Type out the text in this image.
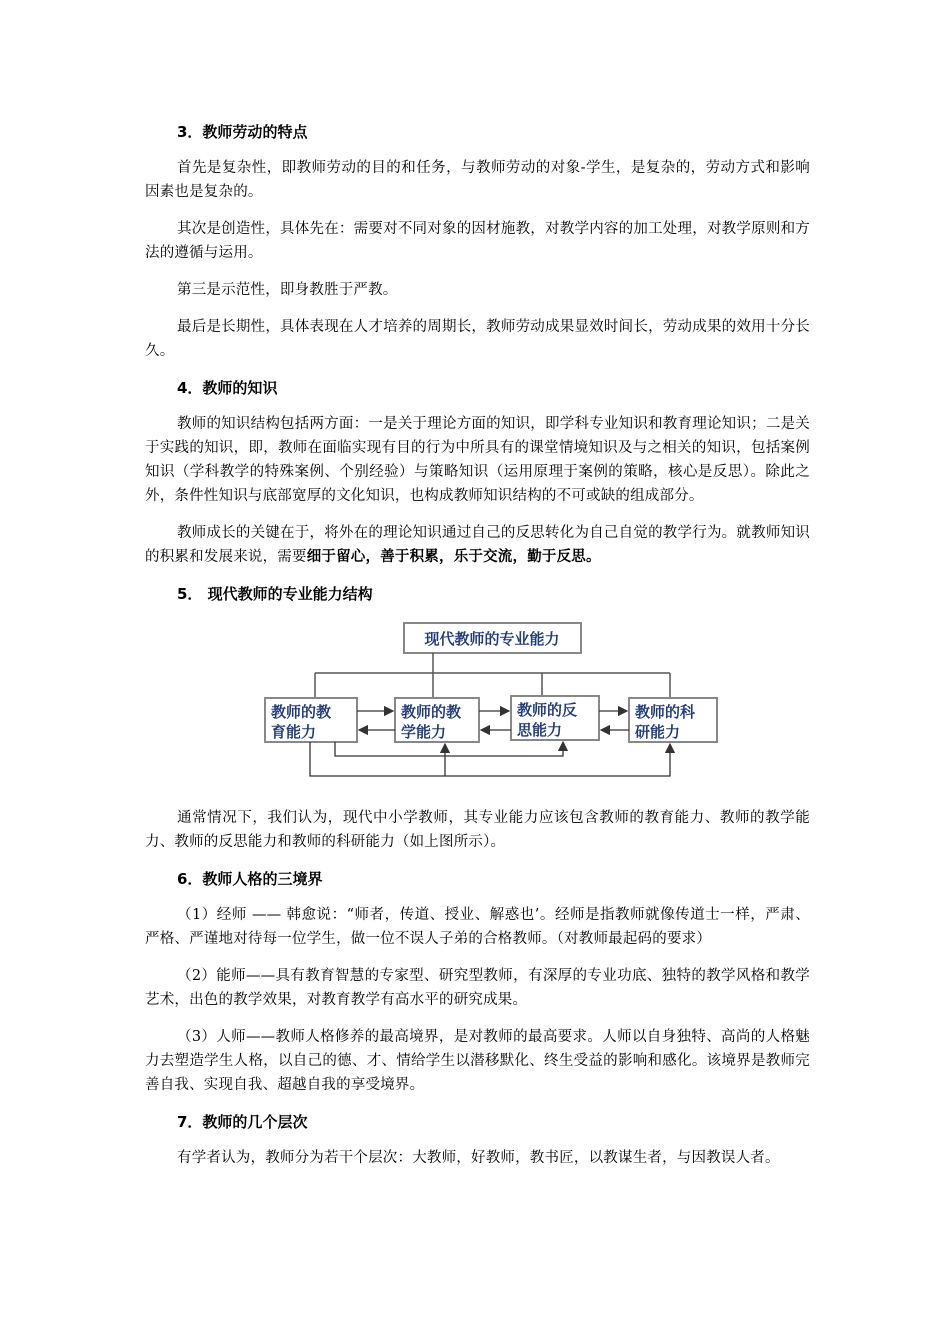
3．教师劳动的特点

首先是复杂性，即教师劳动的目的和任务，与教师劳动的对象-学生，是复杂的，劳动方式和影响因素也是复杂的。

其次是创造性，具体先在：需要对不同对象的因材施教，对教学内容的加工处理，对教学原则和方法的遵循与运用。

第三是示范性，即身教胜于严教。

最后是长期性，具体表现在人才培养的周期长，教师劳动成果显效时间长，劳动成果的效用十分长久。

4．教师的知识

教师的知识结构包括两方面：一是关于理论方面的知识，即学科专业知识和教育理论知识；二是关于实践的知识，即，教师在面临实现有目的行为中所具有的课堂情境知识及与之相关的知识，包括案例知识（学科教学的特殊案例、个别经验）与策略知识（运用原理于案例的策略，核心是反思）。除此之外，条件性知识与底部宽厚的文化知识，也构成教师知识结构的不可或缺的组成部分。

教师成长的关键在于，将外在的理论知识通过自己的反思转化为自己自觉的教学行为。就教师知识的积累和发展来说，需要细于留心，善于积累，乐于交流，勤于反思。

5． 现代教师的专业能力结构
现代教师的专业能力
教师的教
育能力
教师的教
学能力
教师的反
思能力
教师的科
研能力

通常情况下，我们认为，现代中小学教师，其专业能力应该包含教师的教育能力、教师的教学能力、教师的反思能力和教师的科研能力（如上图所示）。

6．教师人格的三境界

（1）经师 —— 韩愈说：“师者，传道、授业、解惑也’。经师是指教师就像传道士一样，严肃、严格、严谨地对待每一位学生，做一位不误人子弟的合格教师。（对教师最起码的要求）

（2）能师——具有教育智慧的专家型、研究型教师，有深厚的专业功底、独特的教学风格和教学艺术，出色的教学效果，对教育教学有高水平的研究成果。

（3）人师——教师人格修养的最高境界，是对教师的最高要求。人师以自身独特、高尚的人格魅力去塑造学生人格，以自己的德、才、情给学生以潜移默化、终生受益的影响和感化。该境界是教师完善自我、实现自我、超越自我的享受境界。

7．教师的几个层次

有学者认为，教师分为若干个层次：大教师，好教师，教书匠，以教谋生者，与因教误人者。
